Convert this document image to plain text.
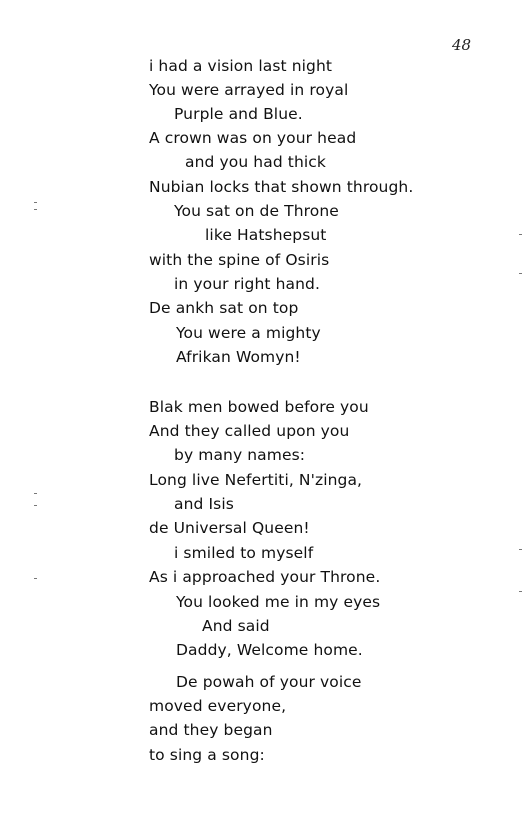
48
i had a vision last night
You were arrayed in royal
Purple and Blue.
A crown was on your head
and you had thick
Nubian locks that shown through.
You sat on de Throne
like Hatshepsut
with the spine of Osiris
in your right hand.
De ankh sat on top
You were a mighty
Afrikan Womyn!
Blak men bowed before you
And they called upon you
by many names:
Long live Nefertiti, N'zinga,
and Isis
de Universal Queen!
i smiled to myself
As i approached your Throne.
You looked me in my eyes
And said
Daddy, Welcome home.
De powah of your voice
moved everyone,
and they began
to sing a song:
